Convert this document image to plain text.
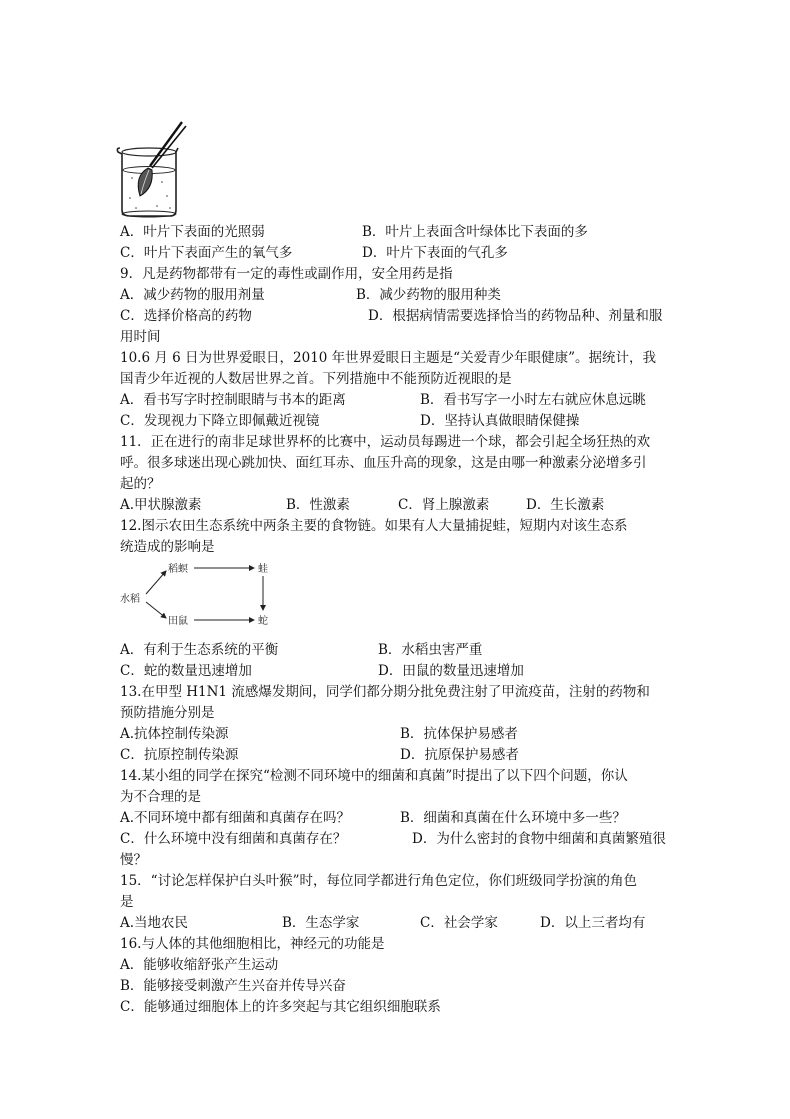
A．叶片下表面的光照弱	B．叶片上表面含叶绿体比下表面的多
C．叶片下表面产生的氧气多	D．叶片下表面的气孔多
9．凡是药物都带有一定的毒性或副作用，安全用药是指
A．减少药物的服用剂量	B．减少药物的服用种类
C．选择价格高的药物	D．根据病情需要选择恰当的药物品种、剂量和服
用时间
10.6 月 6 日为世界爱眼日，2010 年世界爱眼日主题是“关爱青少年眼健康”。据统计，我
国青少年近视的人数居世界之首。下列措施中不能预防近视眼的是
A．看书写字时控制眼睛与书本的距离	B．看书写字一小时左右就应休息远眺
C．发现视力下降立即佩戴近视镜	D．坚持认真做眼睛保健操
11．正在进行的南非足球世界杯的比赛中，运动员每踢进一个球，都会引起全场狂热的欢
呼。很多球迷出现心跳加快、面红耳赤、血压升高的现象，这是由哪一种激素分泌增多引
起的？
A.甲状腺激素	B．性激素	C．肾上腺激素	D．生长激素
12.图示农田生态系统中两条主要的食物链。如果有人大量捕捉蛙，短期内对该生态系
统造成的影响是
水稻
稻螟	蛙
田鼠	蛇
A．有利于生态系统的平衡	B．水稻虫害严重
C．蛇的数量迅速增加	D．田鼠的数量迅速增加
13.在甲型 H1N1 流感爆发期间，同学们都分期分批免费注射了甲流疫苗，注射的药物和
预防措施分别是
A.抗体控制传染源	B．抗体保护易感者
C．抗原控制传染源	D．抗原保护易感者
14.某小组的同学在探究“检测不同环境中的细菌和真菌”时提出了以下四个问题，你认
为不合理的是
A.不同环境中都有细菌和真菌存在吗？	B．细菌和真菌在什么环境中多一些？
C．什么环境中没有细菌和真菌存在？	D．为什么密封的食物中细菌和真菌繁殖很
慢？
15．“讨论怎样保护白头叶猴”时，每位同学都进行角色定位，你们班级同学扮演的角色
是
A.当地农民	B．生态学家	C．社会学家	D．以上三者均有
16.与人体的其他细胞相比，神经元的功能是
A．能够收缩舒张产生运动
B．能够接受刺激产生兴奋并传导兴奋
C．能够通过细胞体上的许多突起与其它组织细胞联系
